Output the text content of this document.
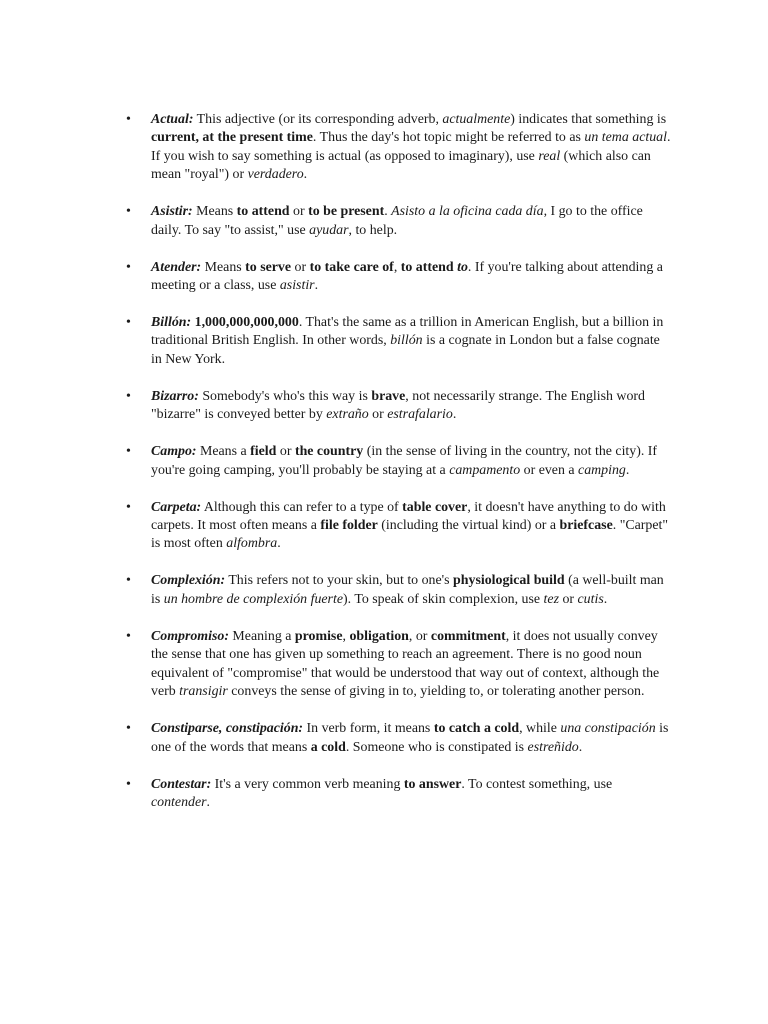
• Actual: This adjective (or its corresponding adverb, actualmente) indicates that something is current, at the present time. Thus the day's hot topic might be referred to as un tema actual. If you wish to say something is actual (as opposed to imaginary), use real (which also can mean "royal") or verdadero.
• Asistir: Means to attend or to be present. Asisto a la oficina cada día, I go to the office daily. To say "to assist," use ayudar, to help.
• Atender: Means to serve or to take care of, to attend to. If you're talking about attending a meeting or a class, use asistir.
• Billón: 1,000,000,000,000. That's the same as a trillion in American English, but a billion in traditional British English. In other words, billón is a cognate in London but a false cognate in New York.
• Bizarro: Somebody's who's this way is brave, not necessarily strange. The English word "bizarre" is conveyed better by extraño or estrafalario.
• Campo: Means a field or the country (in the sense of living in the country, not the city). If you're going camping, you'll probably be staying at a campamento or even a camping.
• Carpeta: Although this can refer to a type of table cover, it doesn't have anything to do with carpets. It most often means a file folder (including the virtual kind) or a briefcase. "Carpet" is most often alfombra.
• Complexión: This refers not to your skin, but to one's physiological build (a well-built man is un hombre de complexión fuerte). To speak of skin complexion, use tez or cutis.
• Compromiso: Meaning a promise, obligation, or commitment, it does not usually convey the sense that one has given up something to reach an agreement. There is no good noun equivalent of "compromise" that would be understood that way out of context, although the verb transigir conveys the sense of giving in to, yielding to, or tolerating another person.
• Constiparse, constipación: In verb form, it means to catch a cold, while una constipación is one of the words that means a cold. Someone who is constipated is estreñido.
• Contestar: It's a very common verb meaning to answer. To contest something, use contender.
